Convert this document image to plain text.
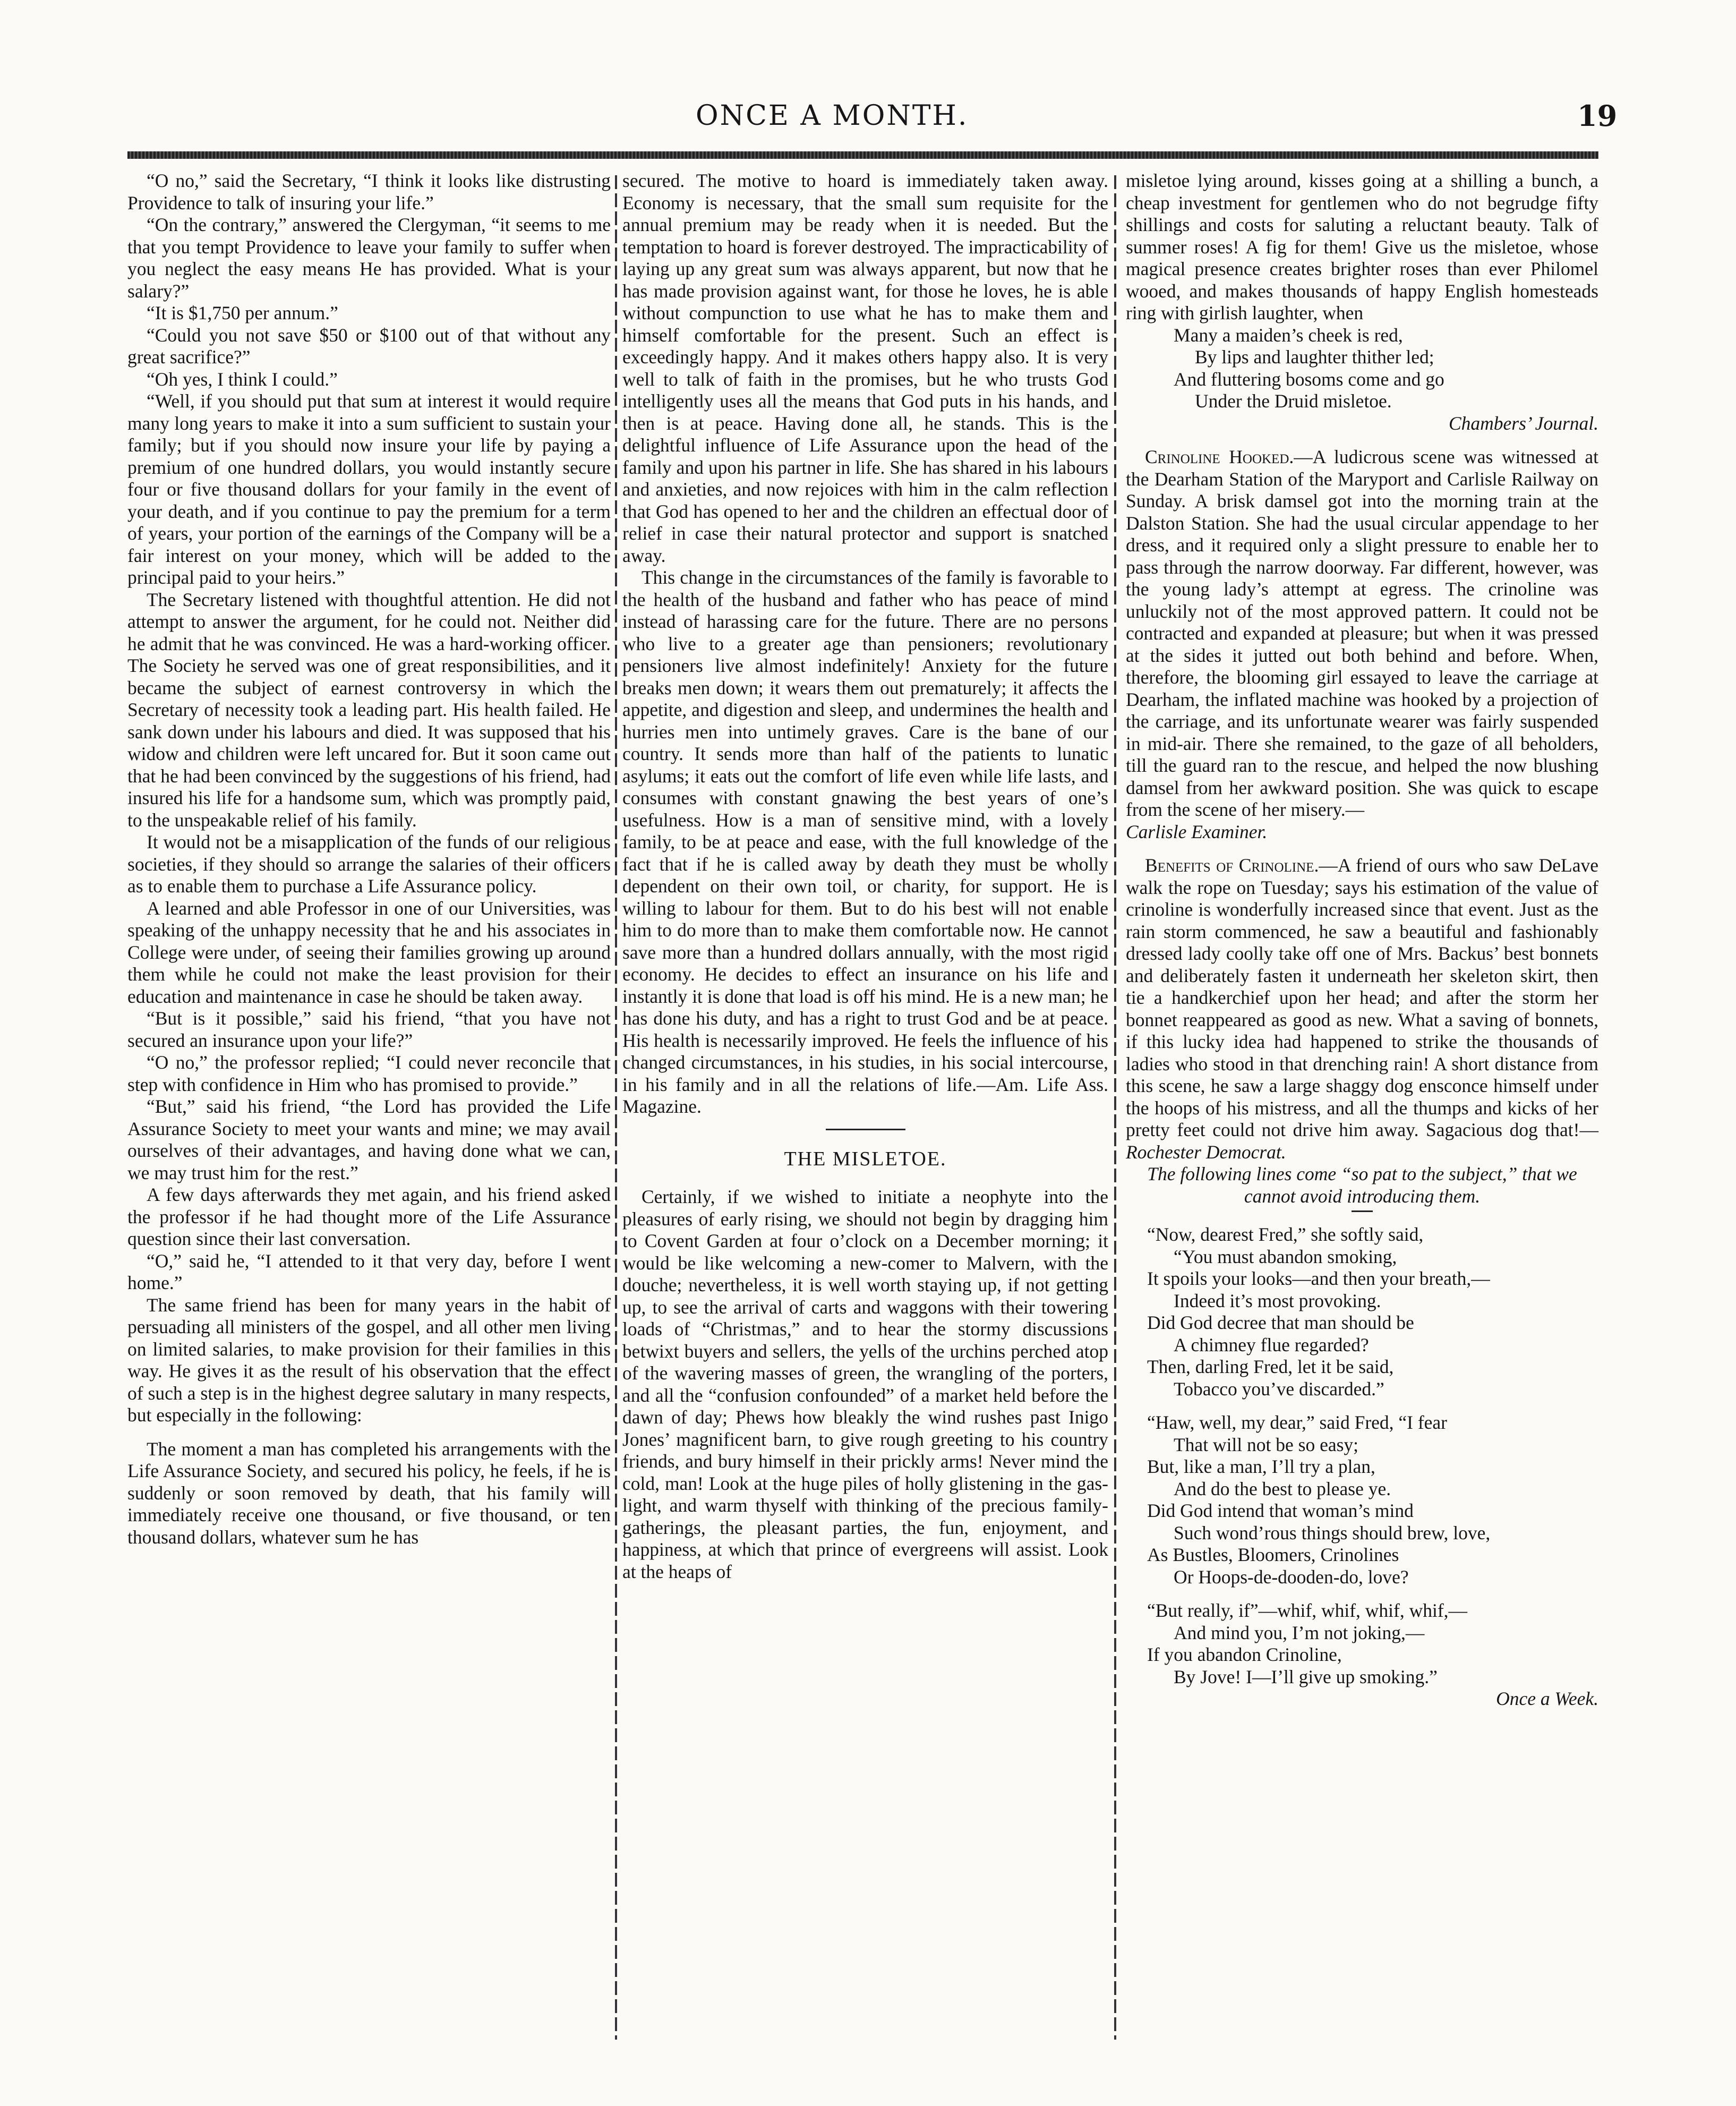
ONCE A MONTH.	19

“O no,” said the Secretary, “I think it looks like distrusting Providence to talk of insuring your life.”

“On the contrary,” answered the Clergyman, “it seems to me that you tempt Providence to leave your family to suffer when you neglect the easy means He has provided. What is your salary?”

“It is $1,750 per annum.”

“Could you not save $50 or $100 out of that without any great sacrifice?”

“Oh yes, I think I could.”

“Well, if you should put that sum at interest it would require many long years to make it into a sum sufficient to sustain your family; but if you should now insure your life by paying a premium of one hundred dollars, you would instantly secure four or five thousand dollars for your family in the event of your death, and if you continue to pay the premium for a term of years, your portion of the earnings of the Company will be a fair interest on your money, which will be added to the principal paid to your heirs.”

The Secretary listened with thoughtful attention. He did not attempt to answer the argument, for he could not. Neither did he admit that he was convinced. He was a hard-working officer. The Society he served was one of great responsibilities, and it became the subject of earnest controversy in which the Secretary of necessity took a leading part. His health failed. He sank down under his labours and died. It was supposed that his widow and children were left uncared for. But it soon came out that he had been convinced by the suggestions of his friend, had insured his life for a handsome sum, which was promptly paid, to the unspeakable relief of his family.

It would not be a misapplication of the funds of our religious societies, if they should so arrange the salaries of their officers as to enable them to purchase a Life Assurance policy.

A learned and able Professor in one of our Universities, was speaking of the unhappy necessity that he and his associates in College were under, of seeing their families growing up around them while he could not make the least provision for their education and maintenance in case he should be taken away.

“But is it possible,” said his friend, “that you have not secured an insurance upon your life?”

“O no,” the professor replied; “I could never reconcile that step with confidence in Him who has promised to provide.”

“But,” said his friend, “the Lord has provided the Life Assurance Society to meet your wants and mine; we may avail ourselves of their advantages, and having done what we can, we may trust him for the rest.”

A few days afterwards they met again, and his friend asked the professor if he had thought more of the Life Assurance question since their last conversation.

“O,” said he, “I attended to it that very day, before I went home.”

The same friend has been for many years in the habit of persuading all ministers of the gospel, and all other men living on limited salaries, to make provision for their families in this way. He gives it as the result of his observation that the effect of such a step is in the highest degree salutary in many respects, but especially in the following:

The moment a man has completed his arrangements with the Life Assurance Society, and secured his policy, he feels, if he is suddenly or soon removed by death, that his family will immediately receive one thousand, or five thousand, or ten thousand dollars, whatever sum he has

secured. The motive to hoard is immediately taken away. Economy is necessary, that the small sum requisite for the annual premium may be ready when it is needed. But the temptation to hoard is forever destroyed. The impracticability of laying up any great sum was always apparent, but now that he has made provision against want, for those he loves, he is able without compunction to use what he has to make them and himself comfortable for the present. Such an effect is exceedingly happy. And it makes others happy also. It is very well to talk of faith in the promises, but he who trusts God intelligently uses all the means that God puts in his hands, and then is at peace. Having done all, he stands. This is the delightful influence of Life Assurance upon the head of the family and upon his partner in life. She has shared in his labours and anxieties, and now rejoices with him in the calm reflection that God has opened to her and the children an effectual door of relief in case their natural protector and support is snatched away.

This change in the circumstances of the family is favorable to the health of the husband and father who has peace of mind instead of harassing care for the future. There are no persons who live to a greater age than pensioners; revolutionary pensioners live almost indefinitely! Anxiety for the future breaks men down; it wears them out prematurely; it affects the appetite, and digestion and sleep, and undermines the health and hurries men into untimely graves. Care is the bane of our country. It sends more than half of the patients to lunatic asylums; it eats out the comfort of life even while life lasts, and consumes with constant gnawing the best years of one’s usefulness. How is a man of sensitive mind, with a lovely family, to be at peace and ease, with the full knowledge of the fact that if he is called away by death they must be wholly dependent on their own toil, or charity, for support. He is willing to labour for them. But to do his best will not enable him to do more than to make them comfortable now. He cannot save more than a hundred dollars annually, with the most rigid economy. He decides to effect an insurance on his life and instantly it is done that load is off his mind. He is a new man; he has done his duty, and has a right to trust God and be at peace. His health is necessarily improved. He feels the influence of his changed circumstances, in his studies, in his social intercourse, in his family and in all the relations of life.—Am. Life Ass. Magazine.

THE MISLETOE.

Certainly, if we wished to initiate a neophyte into the pleasures of early rising, we should not begin by dragging him to Covent Garden at four o’clock on a December morning; it would be like welcoming a new-comer to Malvern, with the douche; nevertheless, it is well worth staying up, if not getting up, to see the arrival of carts and waggons with their towering loads of “Christmas,” and to hear the stormy discussions betwixt buyers and sellers, the yells of the urchins perched atop of the wavering masses of green, the wrangling of the porters, and all the “confusion confounded” of a market held before the dawn of day; Phews how bleakly the wind rushes past Inigo Jones’ magnificent barn, to give rough greeting to his country friends, and bury himself in their prickly arms! Never mind the cold, man! Look at the huge piles of holly glistening in the gas-light, and warm thyself with thinking of the precious family-gatherings, the pleasant parties, the fun, enjoyment, and happiness, at which that prince of evergreens will assist. Look at the heaps of

misletoe lying around, kisses going at a shilling a bunch, a cheap investment for gentlemen who do not begrudge fifty shillings and costs for saluting a reluctant beauty. Talk of summer roses! A fig for them! Give us the misletoe, whose magical presence creates brighter roses than ever Philomel wooed, and makes thousands of happy English homesteads ring with girlish laughter, when

Many a maiden’s cheek is red,

By lips and laughter thither led;

And fluttering bosoms come and go

Under the Druid misletoe.

Chambers’ Journal.

Crinoline Hooked.—A ludicrous scene was witnessed at the Dearham Station of the Maryport and Carlisle Railway on Sunday. A brisk damsel got into the morning train at the Dalston Station. She had the usual circular appendage to her dress, and it required only a slight pressure to enable her to pass through the narrow doorway. Far different, however, was the young lady’s attempt at egress. The crinoline was unluckily not of the most approved pattern. It could not be contracted and expanded at pleasure; but when it was pressed at the sides it jutted out both behind and before. When, therefore, the blooming girl essayed to leave the carriage at Dearham, the inflated machine was hooked by a projection of the carriage, and its unfortunate wearer was fairly suspended in mid-air. There she remained, to the gaze of all beholders, till the guard ran to the rescue, and helped the now blushing damsel from her awkward position. She was quick to escape from the scene of her misery.—

Carlisle Examiner.

Benefits of Crinoline.—A friend of ours who saw DeLave walk the rope on Tuesday; says his estimation of the value of crinoline is wonderfully increased since that event. Just as the rain storm commenced, he saw a beautiful and fashionably dressed lady coolly take off one of Mrs. Backus’ best bonnets and deliberately fasten it underneath her skeleton skirt, then tie a handkerchief upon her head; and after the storm her bonnet reappeared as good as new. What a saving of bonnets, if this lucky idea had happened to strike the thousands of ladies who stood in that drenching rain! A short distance from this scene, he saw a large shaggy dog ensconce himself under the hoops of his mistress, and all the thumps and kicks of her pretty feet could not drive him away. Sagacious dog that!—Rochester Democrat.

The following lines come “so pat to the subject,” that we cannot avoid introducing them.

“Now, dearest Fred,” she softly said,

“You must abandon smoking,

It spoils your looks—and then your breath,—

Indeed it’s most provoking.

Did God decree that man should be

A chimney flue regarded?

Then, darling Fred, let it be said,

Tobacco you’ve discarded.”

“Haw, well, my dear,” said Fred, “I fear

That will not be so easy;

But, like a man, I’ll try a plan,

And do the best to please ye.

Did God intend that woman’s mind

Such wond’rous things should brew, love,

As Bustles, Bloomers, Crinolines

Or Hoops-de-dooden-do, love?

“But really, if”—whif, whif, whif, whif,—

And mind you, I’m not joking,—

If you abandon Crinoline,

By Jove! I—I’ll give up smoking.”

Once a Week.
